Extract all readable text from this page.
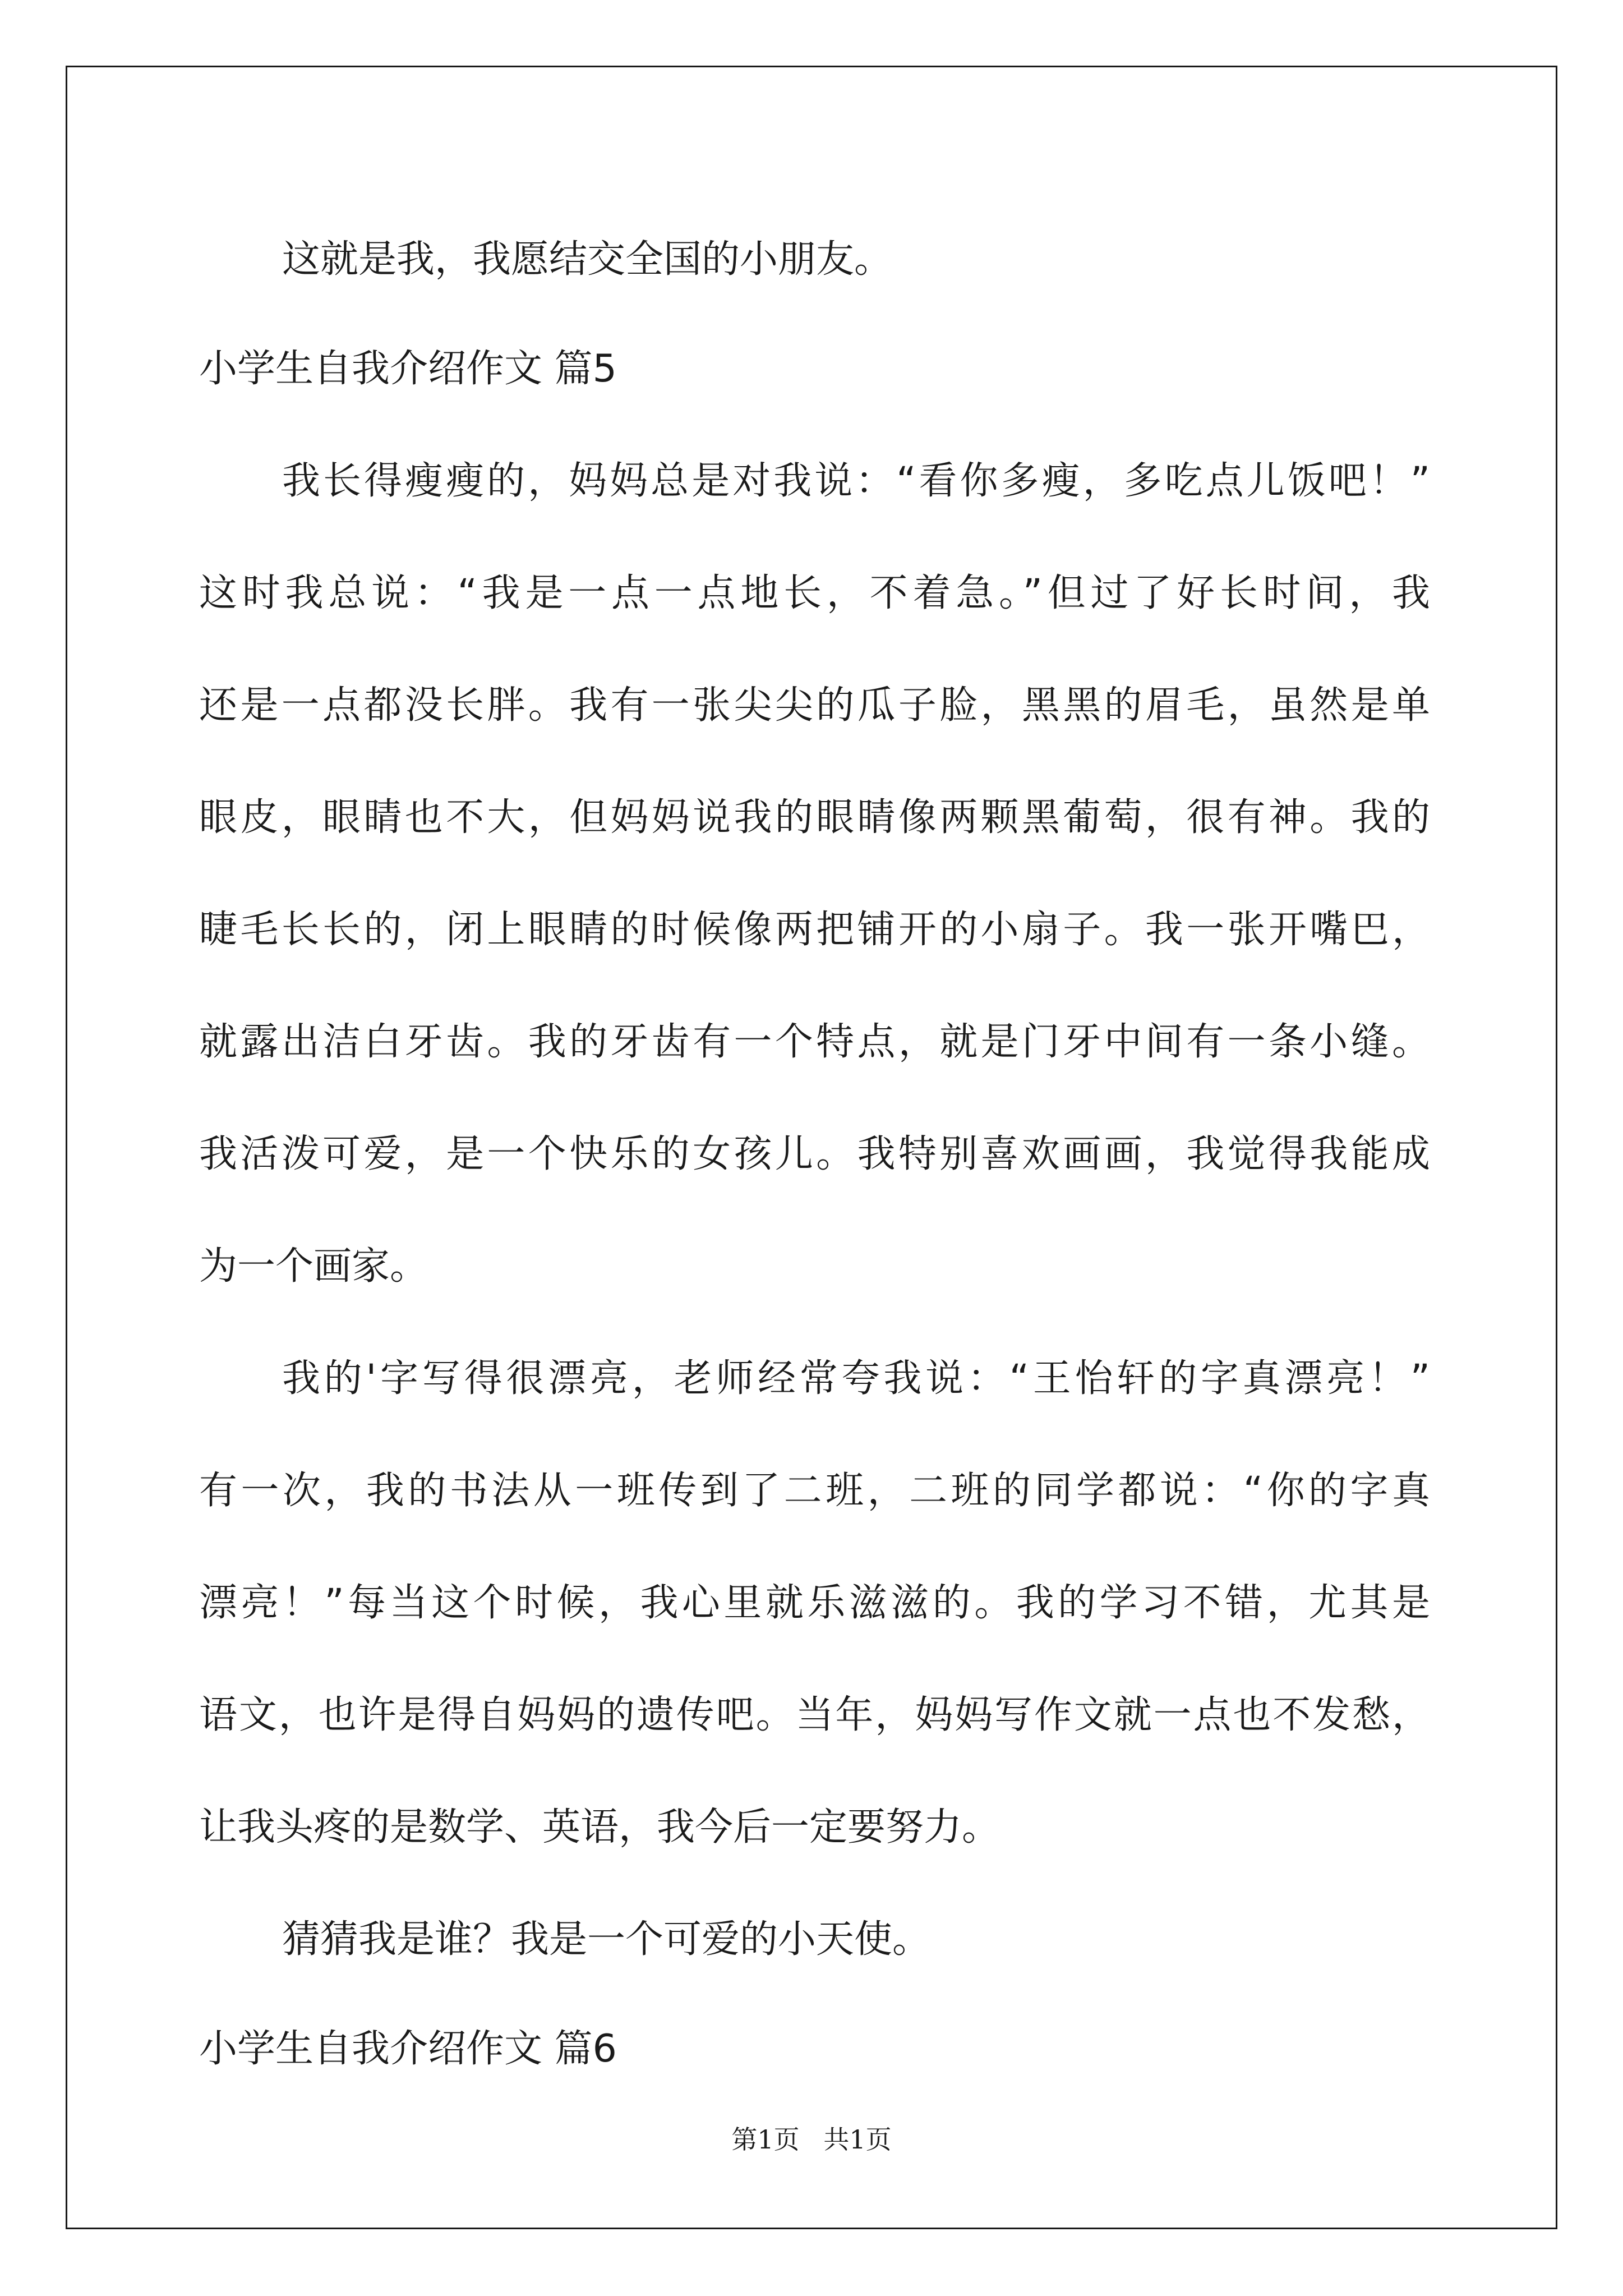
这就是我，我愿结交全国的小朋友。
小学生自我介绍作文 篇5
我长得瘦瘦的，妈妈总是对我说：“看你多瘦，多吃点儿饭吧！”
这时我总说：“我是一点一点地长，不着急。”但过了好长时间，我
还是一点都没长胖。我有一张尖尖的瓜子脸，黑黑的眉毛，虽然是单
眼皮，眼睛也不大，但妈妈说我的眼睛像两颗黑葡萄，很有神。我的
睫毛长长的，闭上眼睛的时候像两把铺开的小扇子。我一张开嘴巴，
就露出洁白牙齿。我的牙齿有一个特点，就是门牙中间有一条小缝。
我活泼可爱，是一个快乐的女孩儿。我特别喜欢画画，我觉得我能成
为一个画家。
我的'字写得很漂亮，老师经常夸我说：“王怡轩的字真漂亮！”
有一次，我的书法从一班传到了二班，二班的同学都说：“你的字真
漂亮！”每当这个时候，我心里就乐滋滋的。我的学习不错，尤其是
语文，也许是得自妈妈的遗传吧。当年，妈妈写作文就一点也不发愁，
让我头疼的是数学、英语，我今后一定要努力。
猜猜我是谁？我是一个可爱的小天使。
小学生自我介绍作文 篇6
第1页 共1页
